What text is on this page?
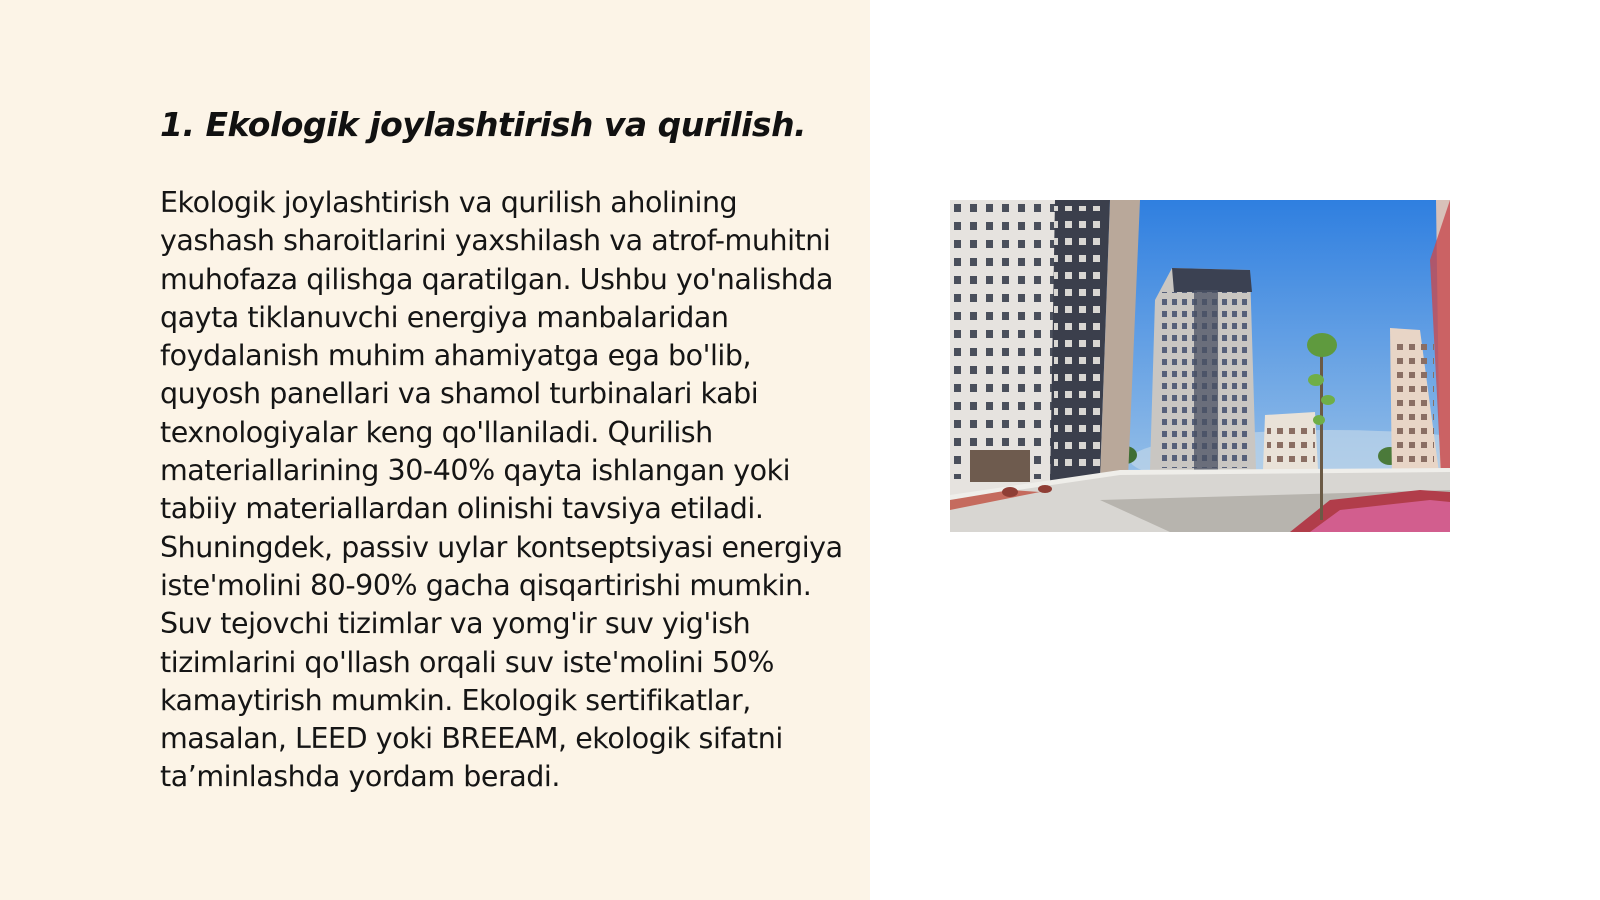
1. Ekologik joylashtirish va qurilish.

Ekologik joylashtirish va qurilish aholining yashash sharoitlarini yaxshilash va atrof-muhitni muhofaza qilishga qaratilgan. Ushbu yo'nalishda qayta tiklanuvchi energiya manbalaridan foydalanish muhim ahamiyatga ega bo'lib, quyosh panellari va shamol turbinalari kabi texnologiyalar keng qo'llaniladi. Qurilish materiallarining 30-40% qayta ishlangan yoki tabiiy materiallardan olinishi tavsiya etiladi. Shuningdek, passiv uylar kontseptsiyasi energiya iste'molini 80-90% gacha qisqartirishi mumkin. Suv tejovchi tizimlar va yomg'ir suv yig'ish tizimlarini qo'llash orqali suv iste'molini 50% kamaytirish mumkin. Ekologik sertifikatlar, masalan, LEED yoki BREEAM, ekologik sifatni ta’minlashda yordam beradi.
